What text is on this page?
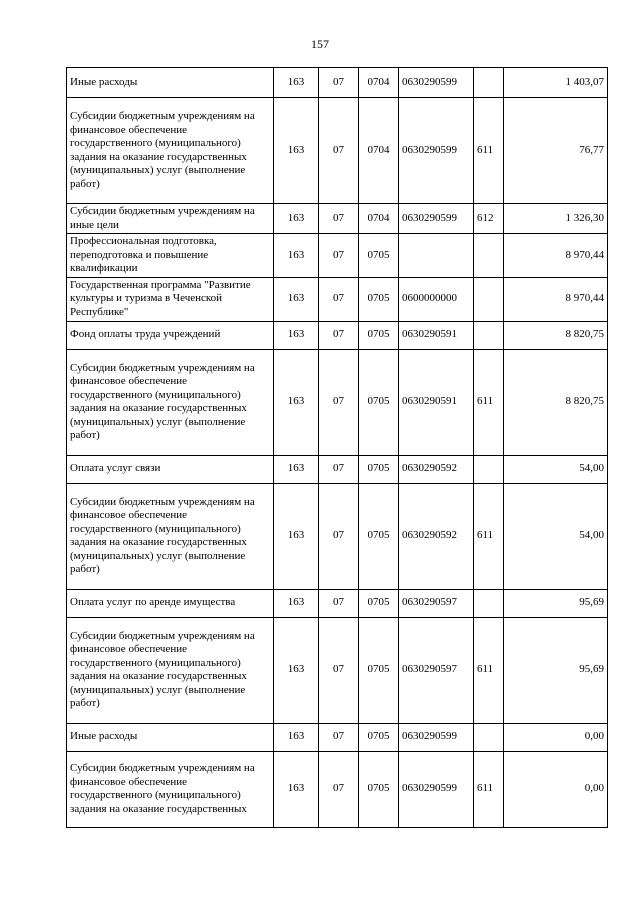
157
Иные расходы	163	07	0704	0630290599		1 403,07
Субсидии бюджетным учреждениям на финансовое обеспечение государственного (муниципального) задания на оказание государственных (муниципальных) услуг (выполнение работ)	163	07	0704	0630290599	611	76,77
Субсидии бюджетным учреждениям на иные цели	163	07	0704	0630290599	612	1 326,30
Профессиональная подготовка, переподготовка и повышение квалификации	163	07	0705			8 970,44
Государственная программа "Развитие культуры и туризма в Чеченской Республике"	163	07	0705	0600000000		8 970,44
Фонд оплаты труда учреждений	163	07	0705	0630290591		8 820,75
Субсидии бюджетным учреждениям на финансовое обеспечение государственного (муниципального) задания на оказание государственных (муниципальных) услуг (выполнение работ)	163	07	0705	0630290591	611	8 820,75
Оплата услуг связи	163	07	0705	0630290592		54,00
Субсидии бюджетным учреждениям на финансовое обеспечение государственного (муниципального) задания на оказание государственных (муниципальных) услуг (выполнение работ)	163	07	0705	0630290592	611	54,00
Оплата услуг по аренде имущества	163	07	0705	0630290597		95,69
Субсидии бюджетным учреждениям на финансовое обеспечение государственного (муниципального) задания на оказание государственных (муниципальных) услуг (выполнение работ)	163	07	0705	0630290597	611	95,69
Иные расходы	163	07	0705	0630290599		0,00
Субсидии бюджетным учреждениям на финансовое обеспечение государственного (муниципального) задания на оказание государственных	163	07	0705	0630290599	611	0,00
